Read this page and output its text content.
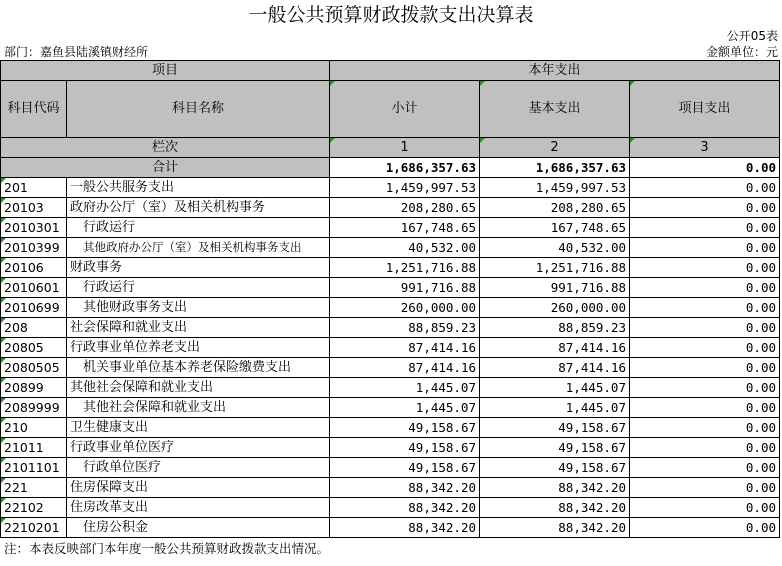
一般公共预算财政拨款支出决算表
公开05表
部门：嘉鱼县陆溪镇财经所	金额单位：元
项目	本年支出
科目代码	科目名称	小计	基本支出	项目支出
栏次	1	2	3
合计	1,686,357.63	1,686,357.63	0.00
201	一般公共服务支出	1,459,997.53	1,459,997.53	0.00
20103	政府办公厅（室）及相关机构事务	208,280.65	208,280.65	0.00
2010301	行政运行	167,748.65	167,748.65	0.00
2010399	其他政府办公厅（室）及相关机构事务支出	40,532.00	40,532.00	0.00
20106	财政事务	1,251,716.88	1,251,716.88	0.00
2010601	行政运行	991,716.88	991,716.88	0.00
2010699	其他财政事务支出	260,000.00	260,000.00	0.00
208	社会保障和就业支出	88,859.23	88,859.23	0.00
20805	行政事业单位养老支出	87,414.16	87,414.16	0.00
2080505	机关事业单位基本养老保险缴费支出	87,414.16	87,414.16	0.00
20899	其他社会保障和就业支出	1,445.07	1,445.07	0.00
2089999	其他社会保障和就业支出	1,445.07	1,445.07	0.00
210	卫生健康支出	49,158.67	49,158.67	0.00
21011	行政事业单位医疗	49,158.67	49,158.67	0.00
2101101	行政单位医疗	49,158.67	49,158.67	0.00
221	住房保障支出	88,342.20	88,342.20	0.00
22102	住房改革支出	88,342.20	88,342.20	0.00
2210201	住房公积金	88,342.20	88,342.20	0.00
注：本表反映部门本年度一般公共预算财政拨款支出情况。
